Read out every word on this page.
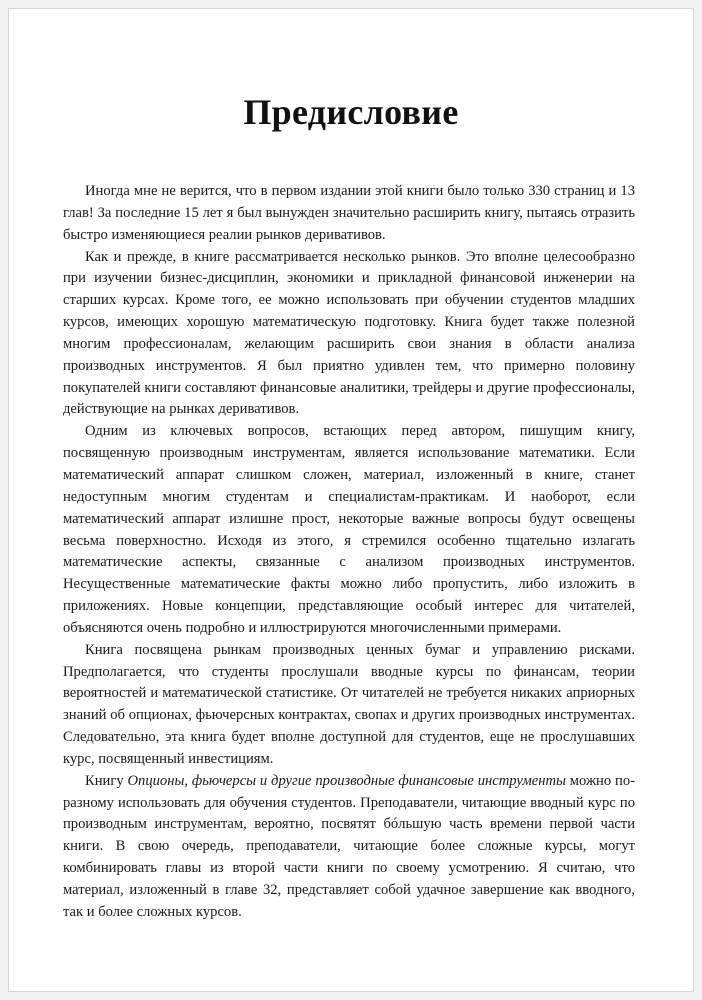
Предисловие

Иногда мне не верится, что в первом издании этой книги было только 330 страниц и 13 глав! За последние 15 лет я был вынужден значительно расширить книгу, пытаясь отразить быстро изменяющиеся реалии рынков деривативов.

Как и прежде, в книге рассматривается несколько рынков. Это вполне целесообразно при изучении бизнес-дисциплин, экономики и прикладной финансовой инженерии на старших курсах. Кроме того, ее можно использовать при обучении студентов младших курсов, имеющих хорошую математическую подготовку. Книга будет также полезной многим профессионалам, желающим расширить свои знания в области анализа производных инструментов. Я был приятно удивлен тем, что примерно половину покупателей книги составляют финансовые аналитики, трейдеры и другие профессионалы, действующие на рынках деривативов.

Одним из ключевых вопросов, встающих перед автором, пишущим книгу, посвященную производным инструментам, является использование математики. Если математический аппарат слишком сложен, материал, изложенный в книге, станет недоступным многим студентам и специалистам-практикам. И наоборот, если математический аппарат излишне прост, некоторые важные вопросы будут освещены весьма поверхностно. Исходя из этого, я стремился особенно тщательно излагать математические аспекты, связанные с анализом производных инструментов. Несущественные математические факты можно либо пропустить, либо изложить в приложениях. Новые концепции, представляющие особый интерес для читателей, объясняются очень подробно и иллюстрируются многочисленными примерами.

Книга посвящена рынкам производных ценных бумаг и управлению рисками. Предполагается, что студенты прослушали вводные курсы по финансам, теории вероятностей и математической статистике. От читателей не требуется никаких априорных знаний об опционах, фьючерсных контрактах, свопах и других производных инструментах. Следовательно, эта книга будет вполне доступной для студентов, еще не прослушавших курс, посвященный инвестициям.

Книгу Опционы, фьючерсы и другие производные финансовые инструменты можно по-разному использовать для обучения студентов. Преподаватели, читающие вводный курс по производным инструментам, вероятно, посвятят бóльшую часть времени первой части книги. В свою очередь, преподаватели, читающие более сложные курсы, могут комбинировать главы из второй части книги по своему усмотрению. Я считаю, что материал, изложенный в главе 32, представляет собой удачное завершение как вводного, так и более сложных курсов.
